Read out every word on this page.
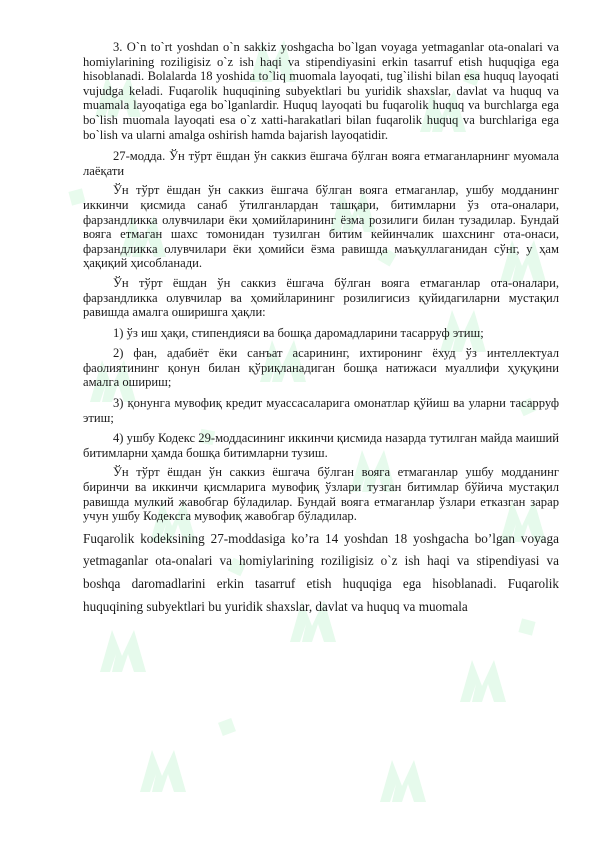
3. O`n to`rt yoshdan o`n sakkiz yoshgacha bo`lgan voyaga yetmaganlar ota-onalari va homiylarining roziligisiz o`z ish haqi va stipendiyasini erkin tasarruf etish huquqiga ega hisoblanadi. Bolalarda 18 yoshida to`liq muomala layoqati, tug`ilishi bilan esa huquq layoqati vujudga keladi. Fuqarolik huquqining subyektlari bu yuridik shaxslar, davlat va huquq va muamala layoqatiga ega bo`lganlardir. Huquq layoqati bu fuqarolik huquq va burchlarga ega bo`lish muomala layoqati esa o`z xatti-harakatlari bilan fuqarolik huquq va burchlariga ega bo`lish va ularni amalga oshirish hamda bajarish layoqatidir.

27-модда. Ўн тўрт ёшдан ўн саккиз ёшгача бўлган вояга етмаганларнинг муомала лаёқати

Ўн тўрт ёшдан ўн саккиз ёшгача бўлган вояга етмаганлар, ушбу модданинг иккинчи қисмида санаб ўтилганлардан ташқари, битимларни ўз ота-оналари, фарзандликка олувчилари ёки ҳомийларининг ёзма розилиги билан тузадилар. Бундай вояга етмаган шахс томонидан тузилган битим кейинчалик шахснинг ота-онаси, фарзандликка олувчилари ёки ҳомийси ёзма равишда маъқуллаганидан сўнг, у ҳам ҳақиқий ҳисобланади.

Ўн тўрт ёшдан ўн саккиз ёшгача бўлган вояга етмаганлар ота-оналари, фарзандликка олувчилар ва ҳомийларининг розилигисиз қуйидагиларни мустақил равишда амалга оширишга ҳақли:

1) ўз иш ҳақи, стипендияси ва бошқа даромадларини тасарруф этиш;

2) фан, адабиёт ёки санъат асарининг, ихтиронинг ёхуд ўз интеллектуал фаолиятининг қонун билан қўриқланадиган бошқа натижаси муаллифи ҳуқуқини амалга ошириш;

3) қонунга мувофиқ кредит муассасаларига омонатлар қўйиш ва уларни тасарруф этиш;

4) ушбу Кодекс 29-моддасининг иккинчи қисмида назарда тутилган майда маиший битимларни ҳамда бошқа битимларни тузиш.

Ўн тўрт ёшдан ўн саккиз ёшгача бўлган вояга етмаганлар ушбу модданинг биринчи ва иккинчи қисмларига мувофиқ ўзлари тузган битимлар бўйича мустақил равишда мулкий жавобгар бўладилар. Бундай вояга етмаганлар ўзлари етказган зарар учун ушбу Кодексга мувофиқ жавобгар бўладилар.

Fuqarolik kodeksining 27-moddasiga ko’ra 14 yoshdan 18 yoshgacha bo’lgan voyaga yetmaganlar ota-onalari va homiylarining roziligisiz o`z ish haqi va stipendiyasi va boshqa daromadlarini erkin tasarruf etish huquqiga ega hisoblanadi. Fuqarolik huquqining subyektlari bu yuridik shaxslar, davlat va huquq va muomala
